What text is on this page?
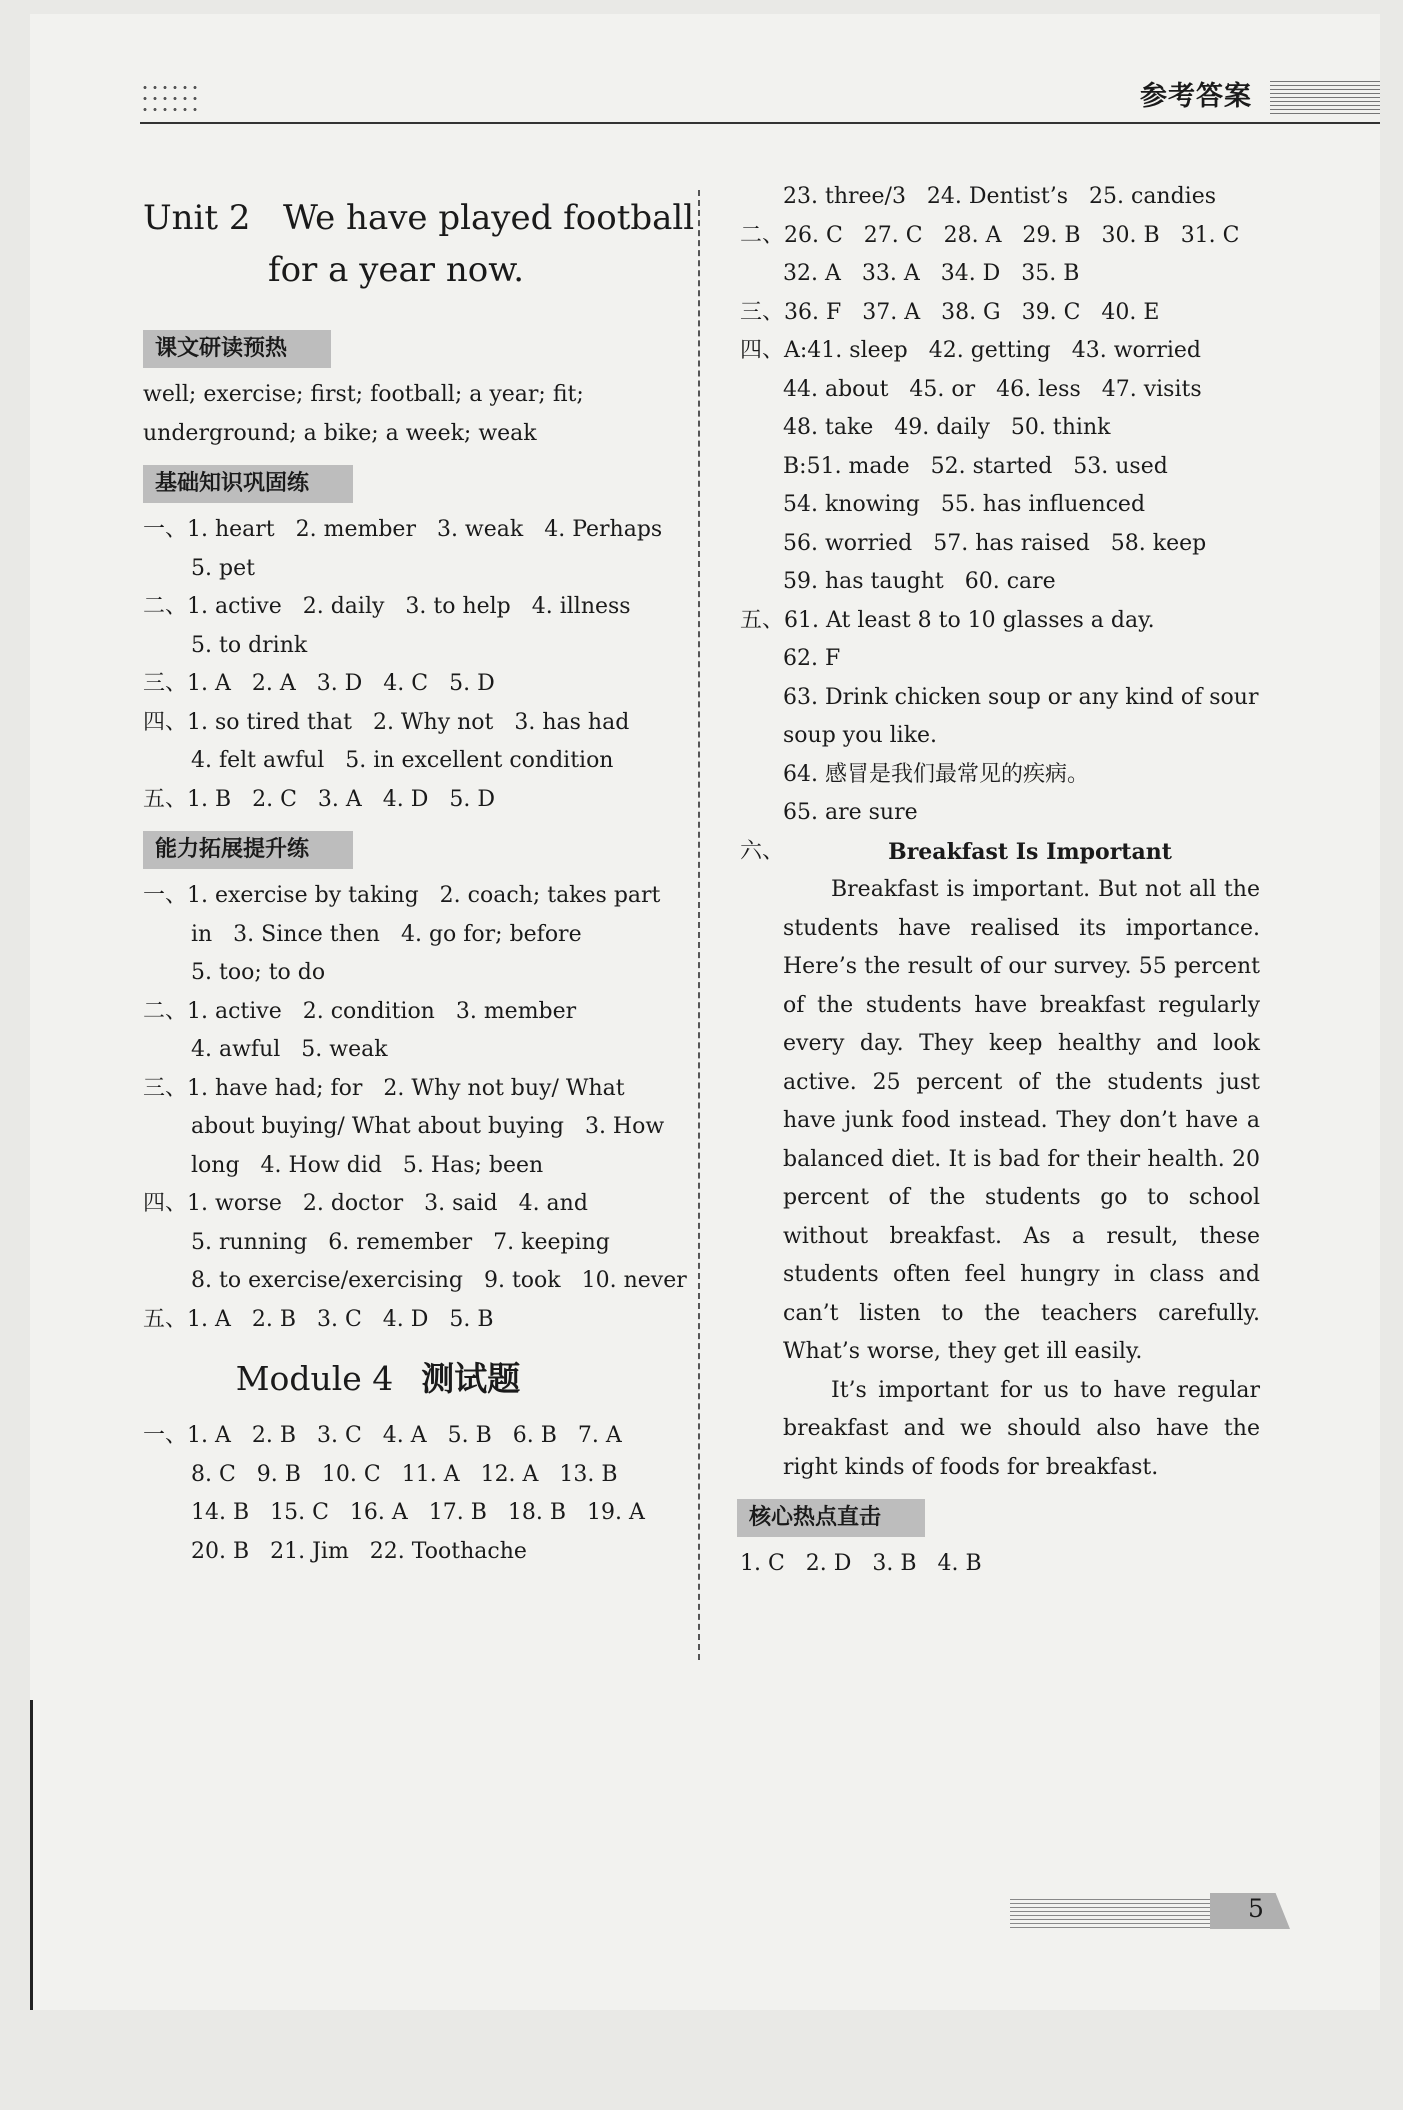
参考答案
Unit 2   We have played football
for a year now.
课文研读预热
well; exercise; first; football; a year; fit;
underground; a bike; a week; weak
基础知识巩固练
一、1. heart   2. member   3. weak   4. Perhaps
5. pet
二、1. active   2. daily   3. to help   4. illness
5. to drink
三、1. A   2. A   3. D   4. C   5. D
四、1. so tired that   2. Why not   3. has had
4. felt awful   5. in excellent condition
五、1. B   2. C   3. A   4. D   5. D
能力拓展提升练
一、1. exercise by taking   2. coach; takes part
in   3. Since then   4. go for; before
5. too; to do
二、1. active   2. condition   3. member
4. awful   5. weak
三、1. have had; for   2. Why not buy/ What
about buying/ What about buying   3. How
long   4. How did   5. Has; been
四、1. worse   2. doctor   3. said   4. and
5. running   6. remember   7. keeping
8. to exercise/exercising   9. took   10. never
五、1. A   2. B   3. C   4. D   5. B
Module 4 测试题
一、1. A   2. B   3. C   4. A   5. B   6. B   7. A
8. C   9. B   10. C   11. A   12. A   13. B
14. B   15. C   16. A   17. B   18. B   19. A
20. B   21. Jim   22. Toothache
23. three/3   24. Dentist’s   25. candies
二、26. C   27. C   28. A   29. B   30. B   31. C
32. A   33. A   34. D   35. B
三、36. F   37. A   38. G   39. C   40. E
四、A:41. sleep   42. getting   43. worried
44. about   45. or   46. less   47. visits
48. take   49. daily   50. think
B:51. made   52. started   53. used
54. knowing   55. has influenced
56. worried   57. has raised   58. keep
59. has taught   60. care
五、61. At least 8 to 10 glasses a day.
62. F
63. Drink chicken soup or any kind of sour
soup you like.
64. 感冒是我们最常见的疾病。
65. are sure
六、	Breakfast Is Important

Breakfast is important. But not all the students have realised its importance. Here’s the result of our survey. 55 percent of the students have breakfast regularly every day. They keep healthy and look active. 25 percent of the students just have junk food instead. They don’t have a balanced diet. It is bad for their health. 20 percent of the students go to school without breakfast. As a result, these students often feel hungry in class and can’t listen to the teachers carefully. What’s worse, they get ill easily.

It’s important for us to have regular breakfast and we should also have the right kinds of foods for breakfast.

核心热点直击
1. C   2. D   3. B   4. B
5
